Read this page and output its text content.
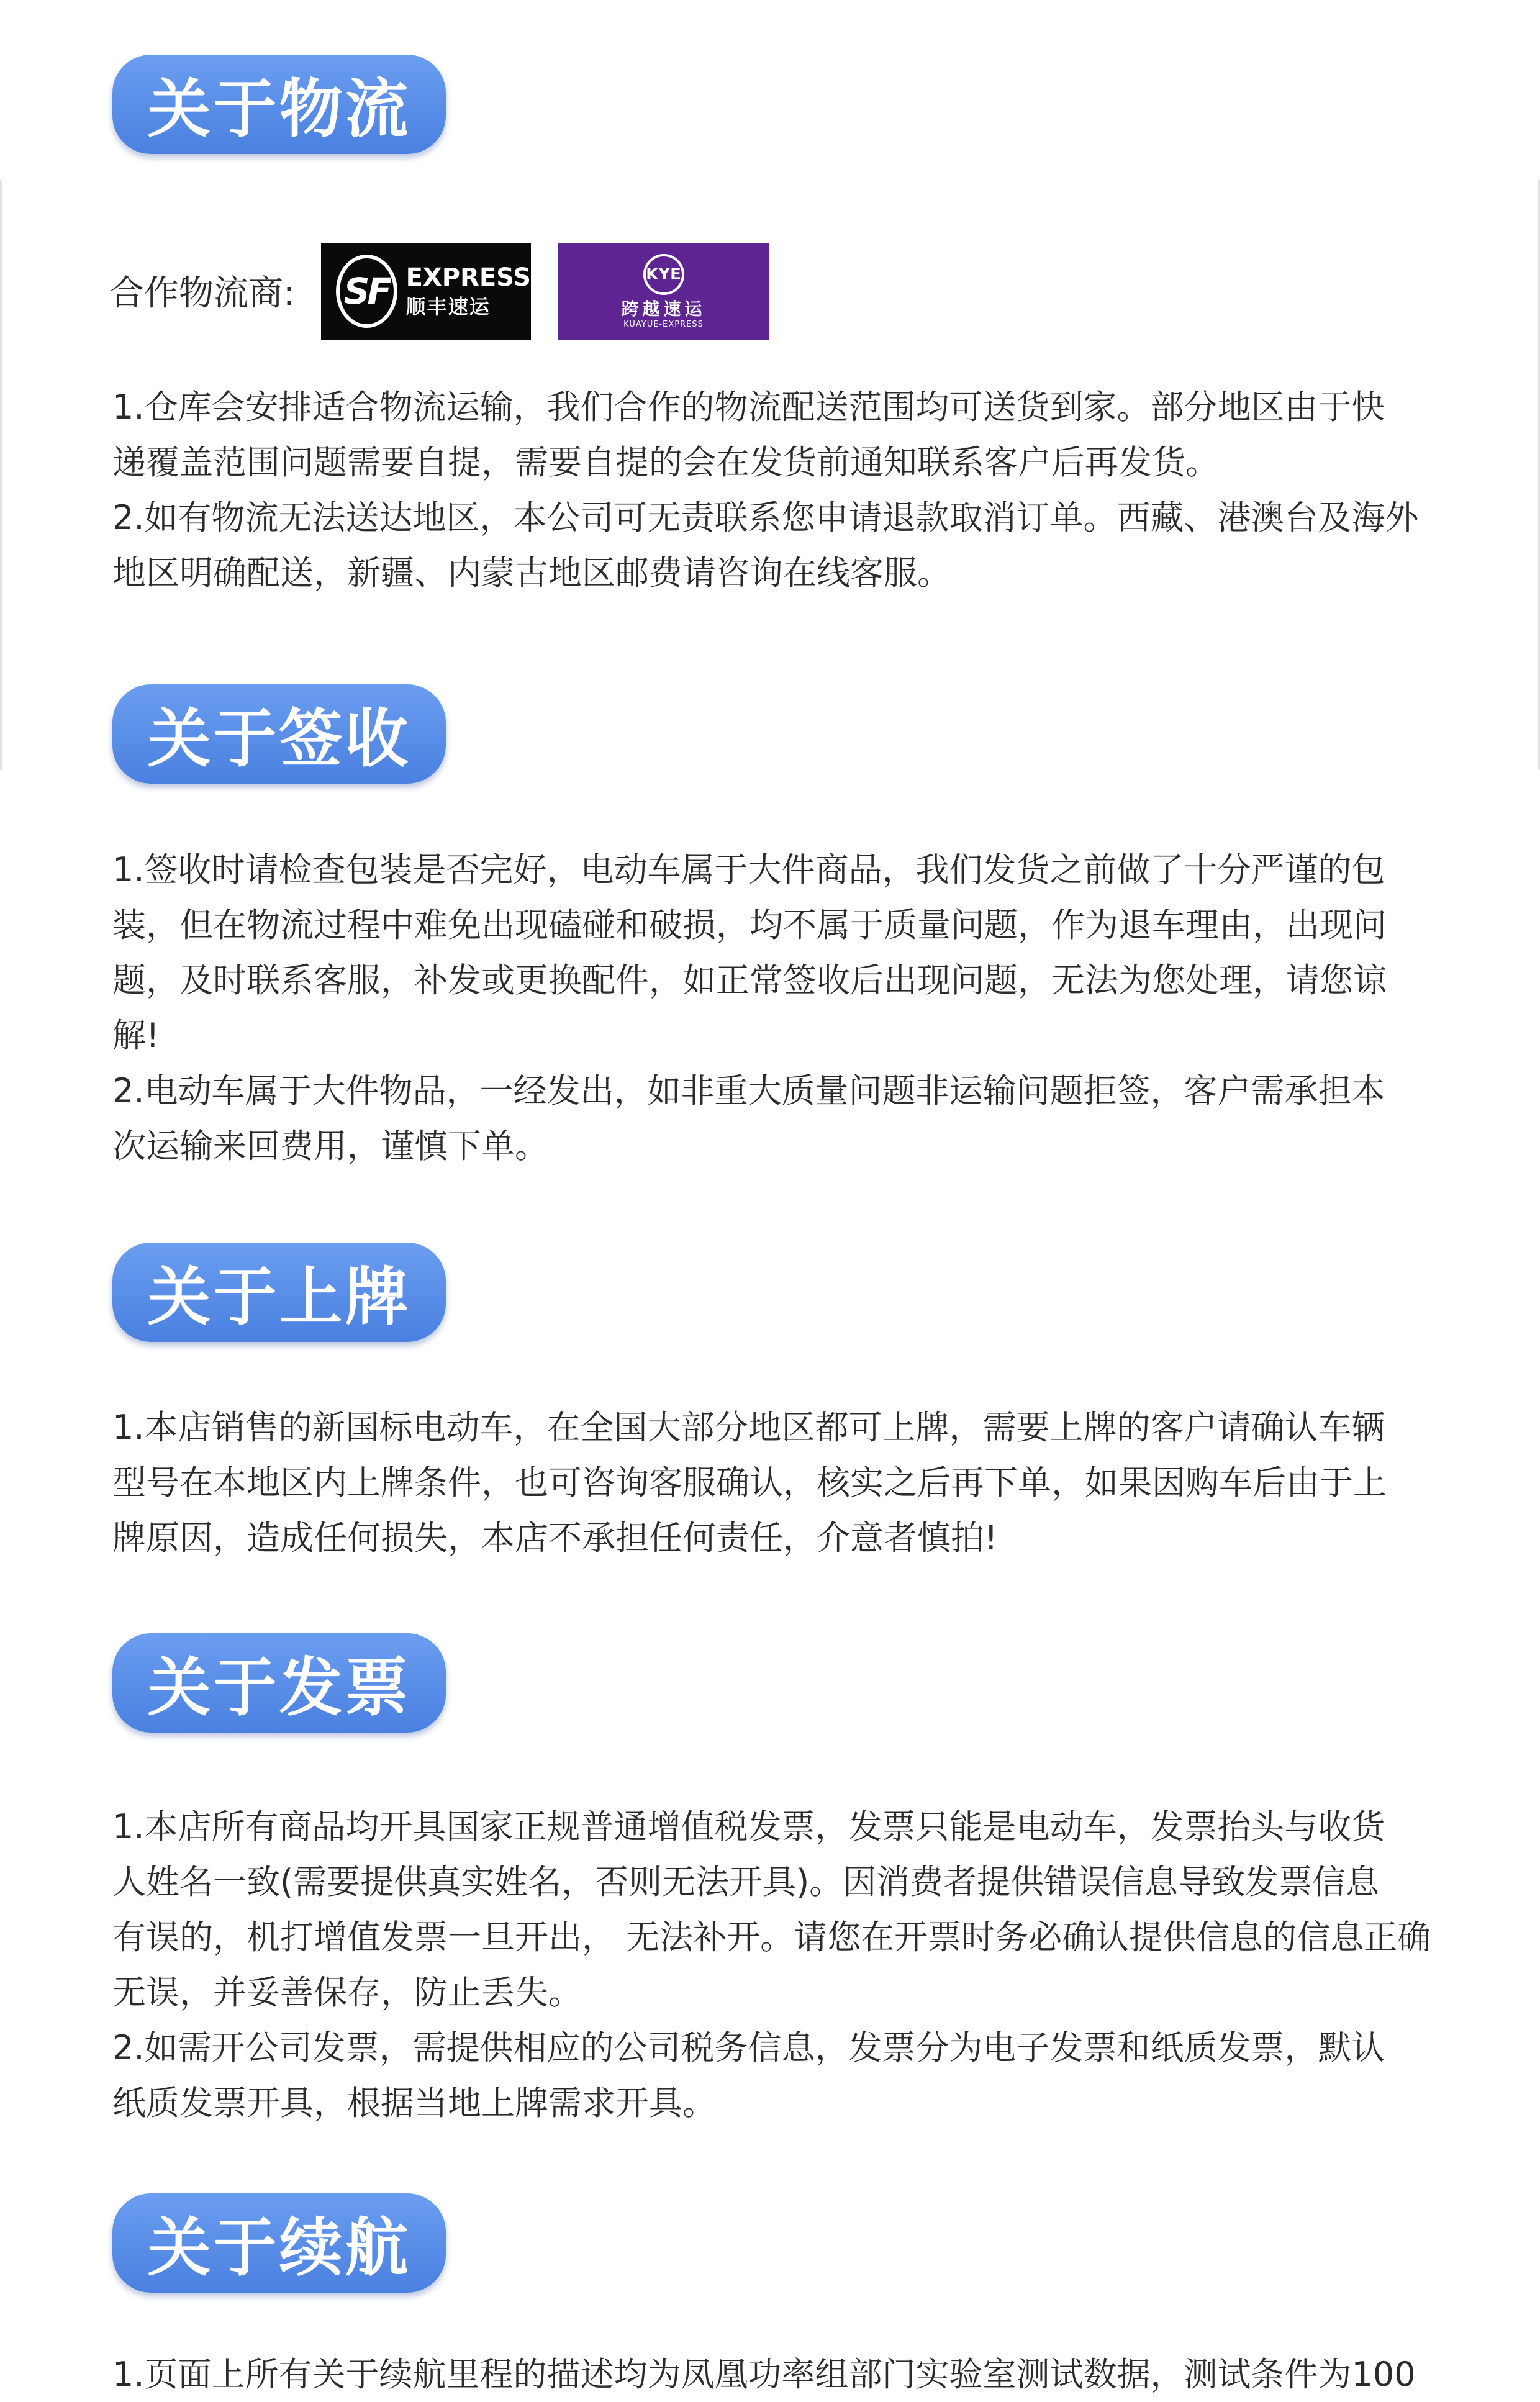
关于物流
合作物流商: SF EXPRESS
顺丰速运
KYE
跨越速运
KUAYUE-EXPRESS

1.仓库会安排适合物流运输，我们合作的物流配送范围均可送货到家。部分地区由于快
递覆盖范围问题需要自提，需要自提的会在发货前通知联系客户后再发货。
2.如有物流无法送达地区，本公司可无责联系您申请退款取消订单。西藏、港澳台及海外
地区明确配送，新疆、内蒙古地区邮费请咨询在线客服。

关于签收

1.签收时请检查包装是否完好，电动车属于大件商品，我们发货之前做了十分严谨的包
装，但在物流过程中难免出现磕碰和破损，均不属于质量问题，作为退车理由，出现问
题，及时联系客服，补发或更换配件，如正常签收后出现问题，无法为您处理，请您谅
解!
2.电动车属于大件物品，一经发出，如非重大质量问题非运输问题拒签，客户需承担本
次运输来回费用，谨慎下单。

关于上牌

1.本店销售的新国标电动车，在全国大部分地区都可上牌，需要上牌的客户请确认车辆
型号在本地区内上牌条件，也可咨询客服确认，核实之后再下单，如果因购车后由于上
牌原因，造成任何损失，本店不承担任何责任，介意者慎拍!

关于发票

1.本店所有商品均开具国家正规普通增值税发票，发票只能是电动车，发票抬头与收货
人姓名一致(需要提供真实姓名，否则无法开具)。因消费者提供错误信息导致发票信息
有误的，机打增值发票一旦开出， 无法补开。请您在开票时务必确认提供信息的信息正确
无误，并妥善保存，防止丢失。
2.如需开公司发票，需提供相应的公司税务信息，发票分为电子发票和纸质发票，默认
纸质发票开具，根据当地上牌需求开具。

关于续航

1.页面上所有关于续航里程的描述均为凤凰功率组部门实验室测试数据，测试条件为100
